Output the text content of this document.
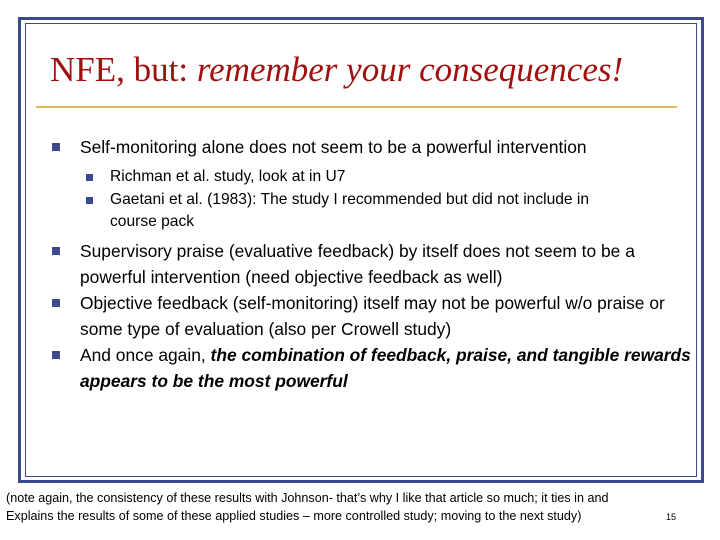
NFE, but: remember your consequences!
Self-monitoring alone does not seem to be a powerful intervention
Richman et al. study, look at in U7
Gaetani et al. (1983): The study I recommended but did not include in course pack
Supervisory praise (evaluative feedback) by itself does not seem to be a powerful intervention (need objective feedback as well)
Objective feedback (self-monitoring) itself may not be powerful w/o praise or some type of evaluation (also per Crowell study)
And once again, the combination of feedback, praise, and tangible rewards appears to be the most powerful
(note again, the consistency of these results with Johnson- that’s why I like that article so much; it ties in and
Explains the results of some of these applied studies – more controlled study; moving to the next study)	15
